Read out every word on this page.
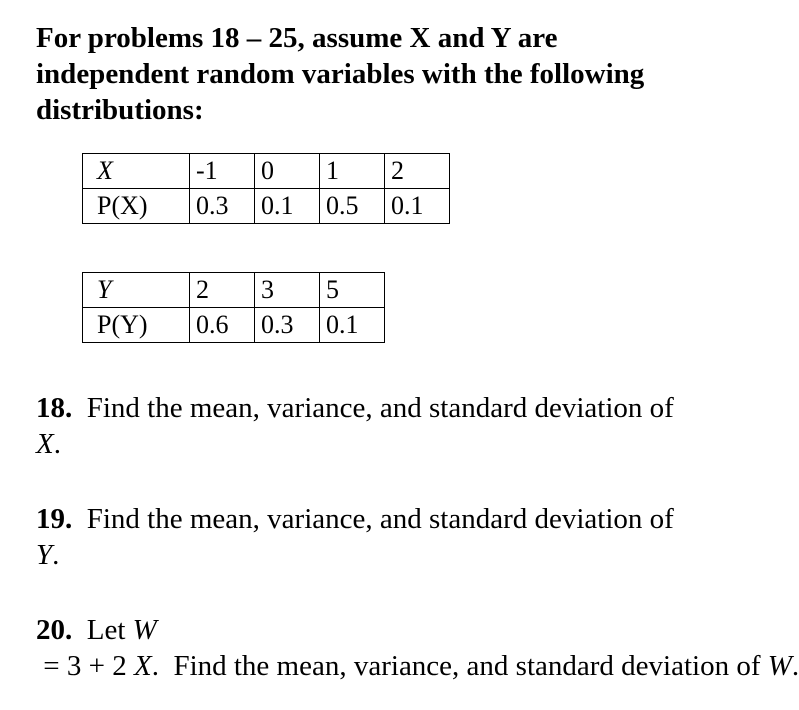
For problems 18 – 25, assume X and Y are independent random variables with the following distributions:

X	-1	0	1	2
P(X)	0.3	0.1	0.5	0.1
Y	2	3	5
P(Y)	0.6	0.3	0.1

18. Find the mean, variance, and standard deviation of X.

19. Find the mean, variance, and standard deviation of Y.

20. Let W = 3 + 2 X.  Find the mean, variance, and standard deviation of W.
